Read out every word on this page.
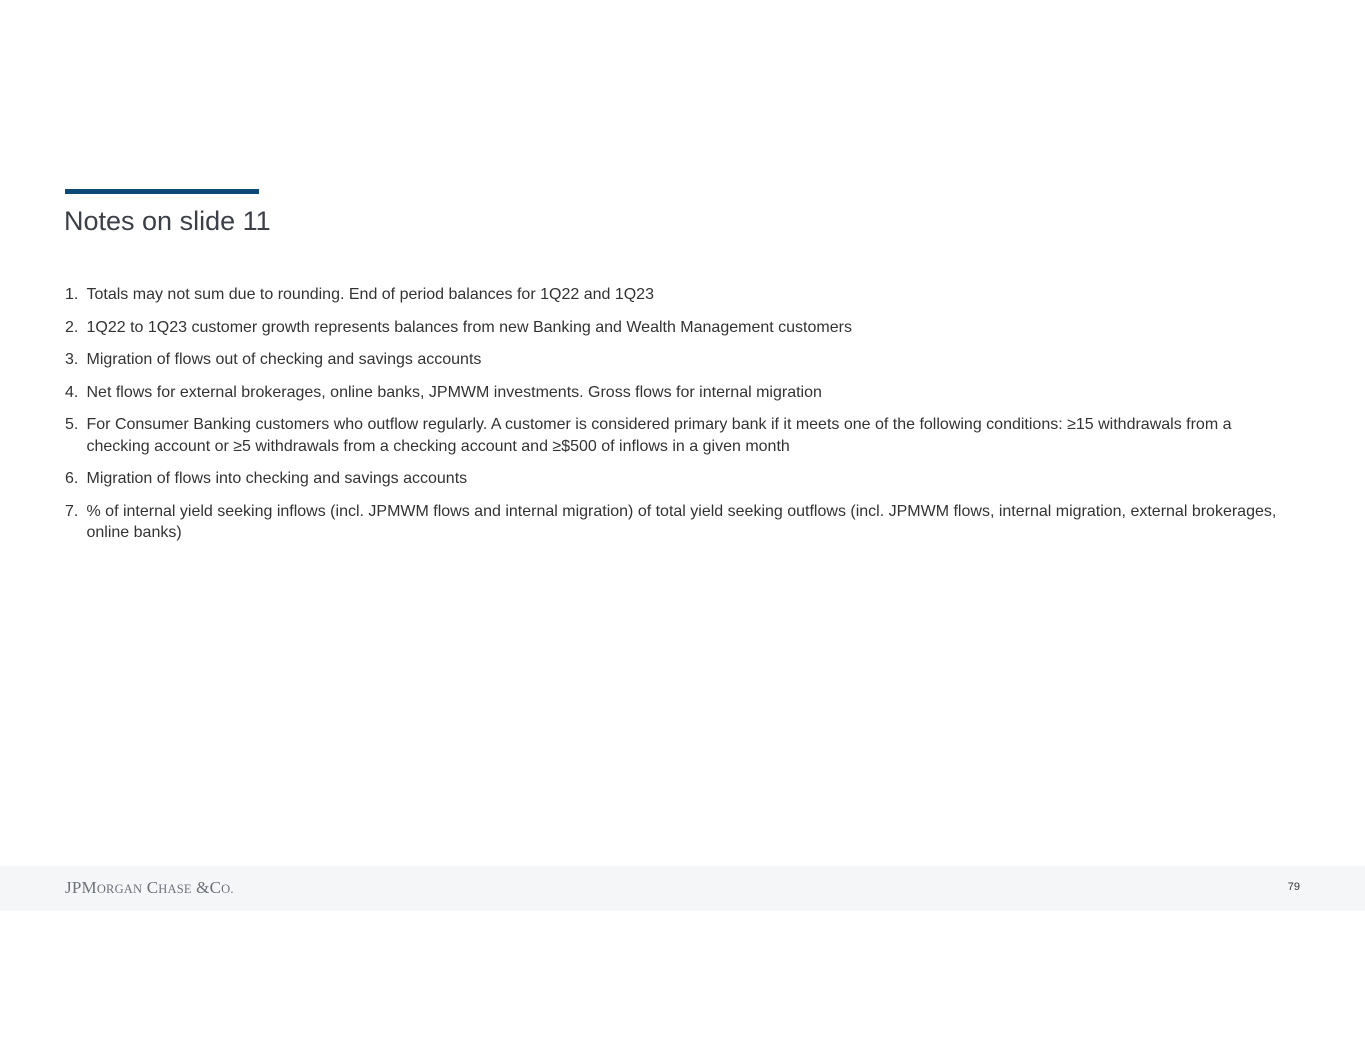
Notes on slide 11
1. Totals may not sum due to rounding. End of period balances for 1Q22 and 1Q23
2. 1Q22 to 1Q23 customer growth represents balances from new Banking and Wealth Management customers
3. Migration of flows out of checking and savings accounts
4. Net flows for external brokerages, online banks, JPMWM investments. Gross flows for internal migration
5. For Consumer Banking customers who outflow regularly. A customer is considered primary bank if it meets one of the following conditions: ≥15 withdrawals from a checking account or ≥5 withdrawals from a checking account and ≥$500 of inflows in a given month
6. Migration of flows into checking and savings accounts
7. % of internal yield seeking inflows (incl. JPMWM flows and internal migration) of total yield seeking outflows (incl. JPMWM flows, internal migration, external brokerages, online banks)
JPMORGAN CHASE &CO.	79
